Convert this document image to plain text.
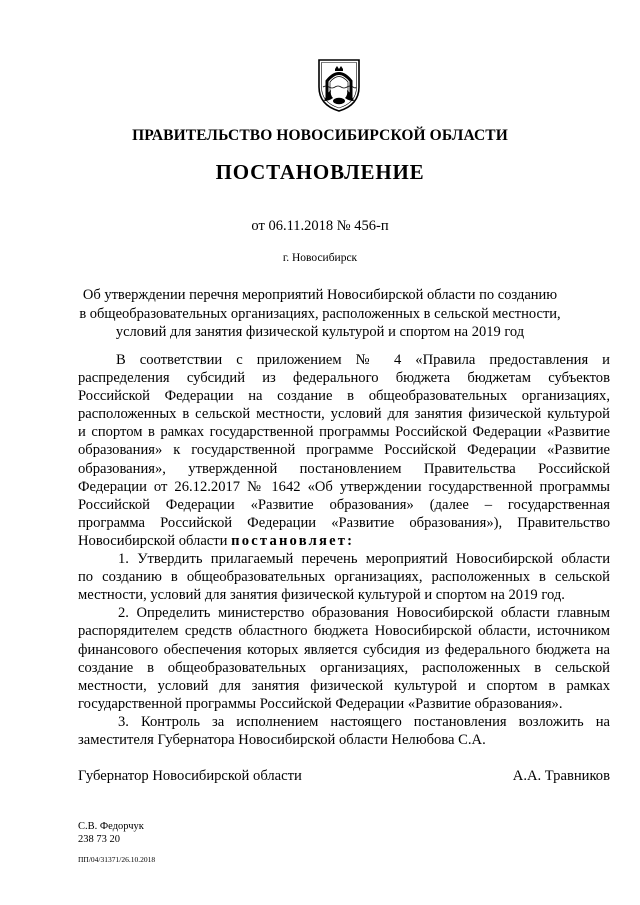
ПРАВИТЕЛЬСТВО НОВОСИБИРСКОЙ ОБЛАСТИ
ПОСТАНОВЛЕНИЕ
от 06.11.2018 № 456-п
г. Новосибирск
Об утверждении перечня мероприятий Новосибирской области по созданию
в общеобразовательных организациях, расположенных в сельской местности,
условий для занятия физической культурой и спортом на 2019 год
В соответствии с приложением № 4 «Правила предоставления и
распределения субсидий из федерального бюджета бюджетам субъектов
Российской Федерации на создание в общеобразовательных организациях,
расположенных в сельской местности, условий для занятия физической культурой
и спортом в рамках государственной программы Российской Федерации «Развитие
образования» к государственной программе Российской Федерации «Развитие
образования», утвержденной постановлением Правительства Российской
Федерации от 26.12.2017 № 1642 «Об утверждении государственной программы
Российской Федерации «Развитие образования» (далее – государственная
программа Российской Федерации «Развитие образования»), Правительство
Новосибирской области постановляет:
1. Утвердить прилагаемый перечень мероприятий Новосибирской области
по созданию в общеобразовательных организациях, расположенных в сельской
местности, условий для занятия физической культурой и спортом на 2019 год.
2. Определить министерство образования Новосибирской области главным
распорядителем средств областного бюджета Новосибирской области, источником
финансового обеспечения которых является субсидия из федерального бюджета на
создание в общеобразовательных организациях, расположенных в сельской
местности, условий для занятия физической культурой и спортом в рамках
государственной программы Российской Федерации «Развитие образования».
3. Контроль за исполнением настоящего постановления возложить на
заместителя Губернатора Новосибирской области Нелюбова С.А.
Губернатор Новосибирской области	А.А. Травников
С.В. Федорчук
238 73 20
ПП/04/31371/26.10.2018
